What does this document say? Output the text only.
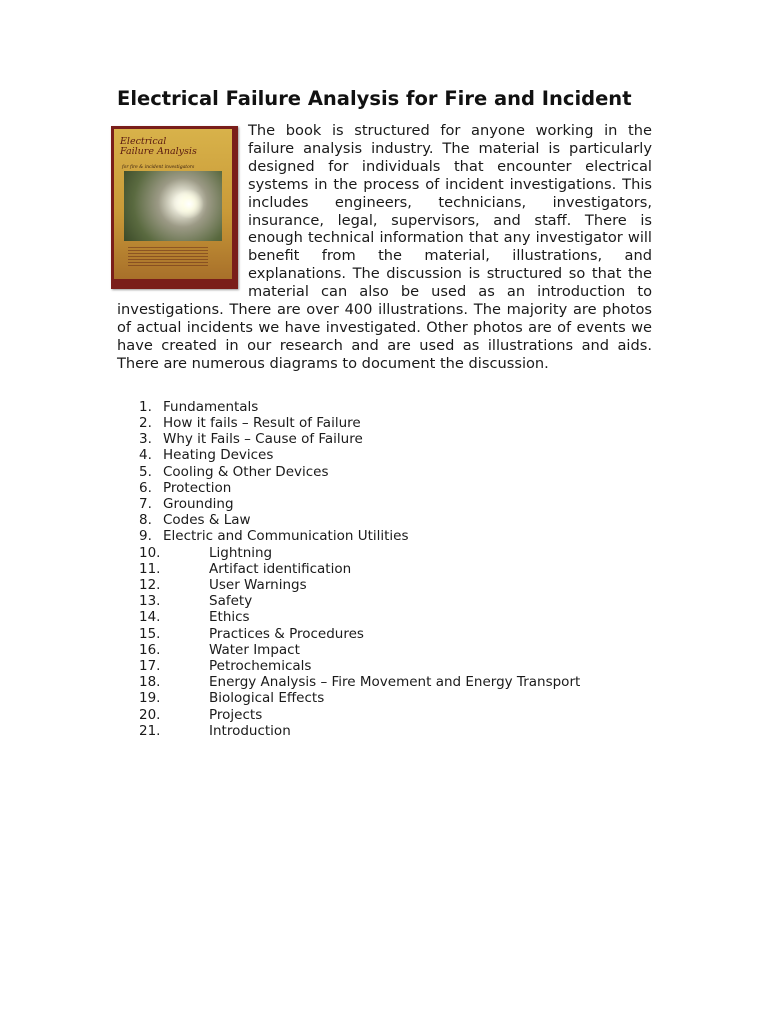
Electrical Failure Analysis for Fire and Incident

Electrical
Failure Analysis
for fire & incident investigators
The book is structured for anyone working in the failure analysis industry. The material is particularly designed for individuals that encounter electrical systems in the process of incident investigations. This includes engineers, technicians, investigators, insurance, legal, supervisors, and staff. There is enough technical information that any investigator will benefit from the material, illustrations, and explanations. The discussion is structured so that the material can also be used as an introduction to investigations. There are over 400 illustrations. The majority are photos of actual incidents we have investigated. Other photos are of events we have created in our research and are used as illustrations and aids. There are numerous diagrams to document the discussion.

1. Fundamentals
2. How it fails – Result of Failure
3. Why it Fails – Cause of Failure
4. Heating Devices
5. Cooling & Other Devices
6. Protection
7. Grounding
8. Codes & Law
9. Electric and Communication Utilities
10.	Lightning
11.	Artifact identification
12.	User Warnings
13.	Safety
14.	Ethics
15.	Practices & Procedures
16.	Water Impact
17.	Petrochemicals
18.	Energy Analysis – Fire Movement and Energy Transport
19.	Biological Effects
20.	Projects
21.	Introduction
